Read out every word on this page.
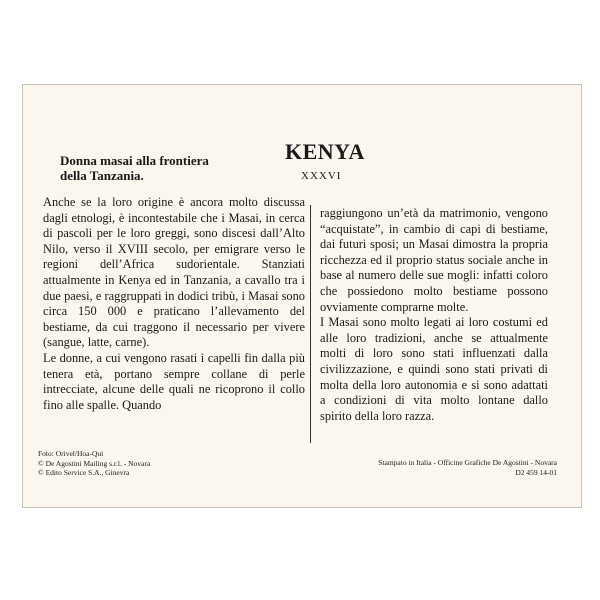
Donna masai alla frontiera
della Tanzania.
KENYA
XXXVI

Anche se la loro origine è ancora molto discussa dagli etnologi, è incontestabile che i Masai, in cerca di pascoli per le loro greggi, sono discesi dall’Alto Nilo, verso il XVIII secolo, per emigrare verso le regioni dell’Africa sudorientale. Stanziati attualmente in Kenya ed in Tanzania, a cavallo tra i due paesi, e raggruppati in dodici tribù, i Masai sono circa 150 000 e praticano l’allevamento del bestiame, da cui traggono il necessario per vivere (sangue, latte, carne).

Le donne, a cui vengono rasati i capelli fin dalla più tenera età, portano sempre collane di perle intrecciate, alcune delle quali ne ricoprono il collo fino alle spalle. Quando

raggiungono un’età da matrimonio, vengono “acquistate”, in cambio di capi di bestiame, dai futuri sposi; un Masai dimostra la propria ricchezza ed il proprio status sociale anche in base al numero delle sue mogli: infatti coloro che possiedono molto bestiame possono ovviamente comprarne molte.

I Masai sono molto legati ai loro costumi ed alle loro tradizioni, anche se attualmente molti di loro sono stati influenzati dalla civilizzazione, e quindi sono stati privati di molta della loro autonomia e si sono adattati a condizioni di vita molto lontane dallo spirito della loro razza.

Foto: Orivel/Hoa-Qui
© De Agostini Mailing s.r.l. - Novara
© Edito Service S.A., Ginevra
Stampato in Italia - Officine Grafiche De Agostini - Novara
D2 459 14-01
